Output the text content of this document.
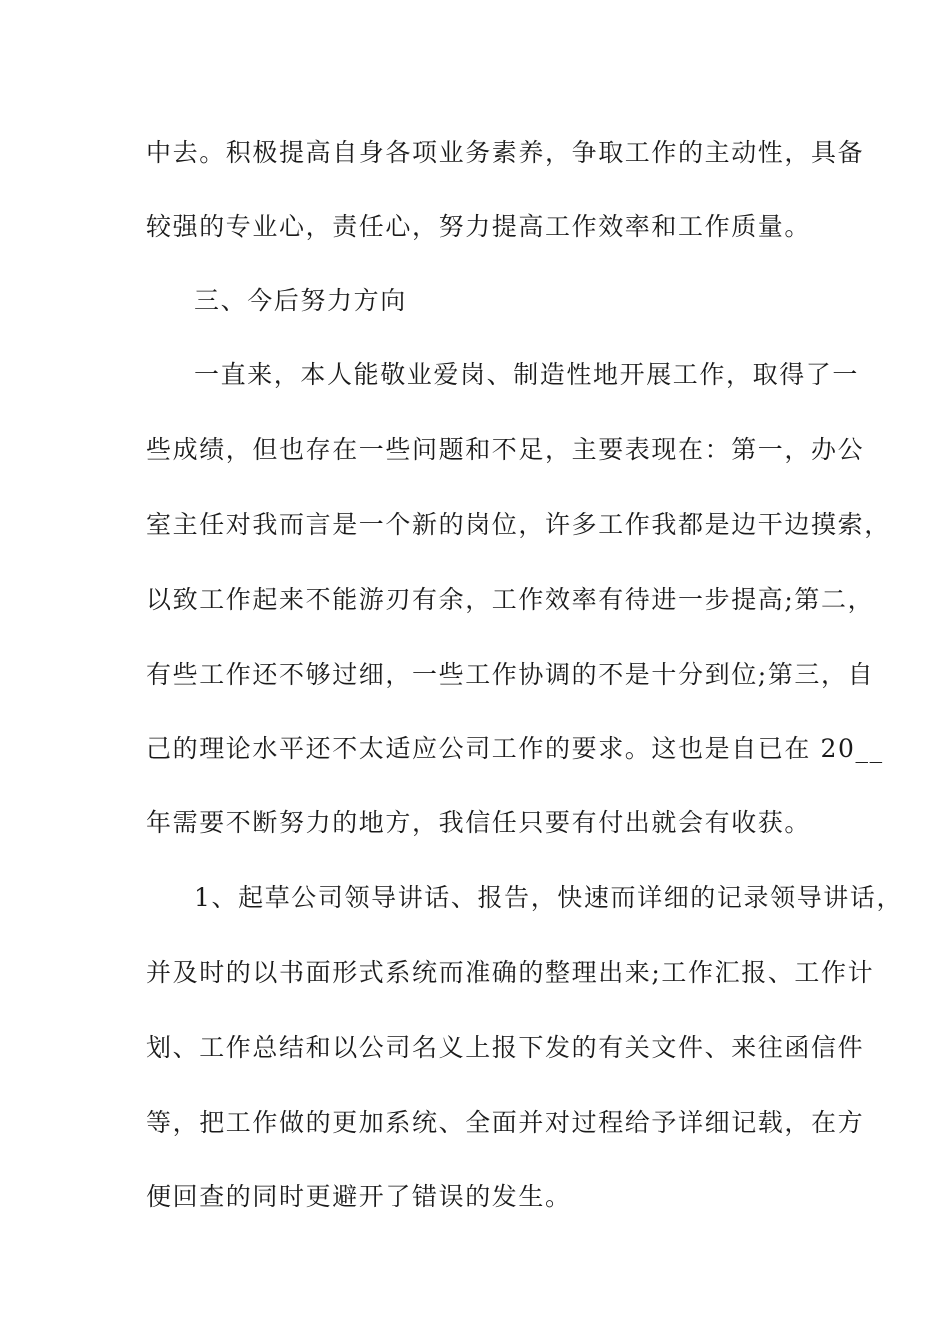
中去。积极提高自身各项业务素养，争取工作的主动性，具备
较强的专业心，责任心，努力提高工作效率和工作质量。
三、今后努力方向
一直来，本人能敬业爱岗、制造性地开展工作，取得了一
些成绩，但也存在一些问题和不足，主要表现在：第一，办公
室主任对我而言是一个新的岗位，许多工作我都是边干边摸索，
以致工作起来不能游刃有余，工作效率有待进一步提高;第二，
有些工作还不够过细，一些工作协调的不是十分到位;第三，自
己的理论水平还不太适应公司工作的要求。这也是自已在 20__
年需要不断努力的地方，我信任只要有付出就会有收获。
1、起草公司领导讲话、报告，快速而详细的记录领导讲话，
并及时的以书面形式系统而准确的整理出来;工作汇报、工作计
划、工作总结和以公司名义上报下发的有关文件、来往函信件
等，把工作做的更加系统、全面并对过程给予详细记载，在方
便回查的同时更避开了错误的发生。
